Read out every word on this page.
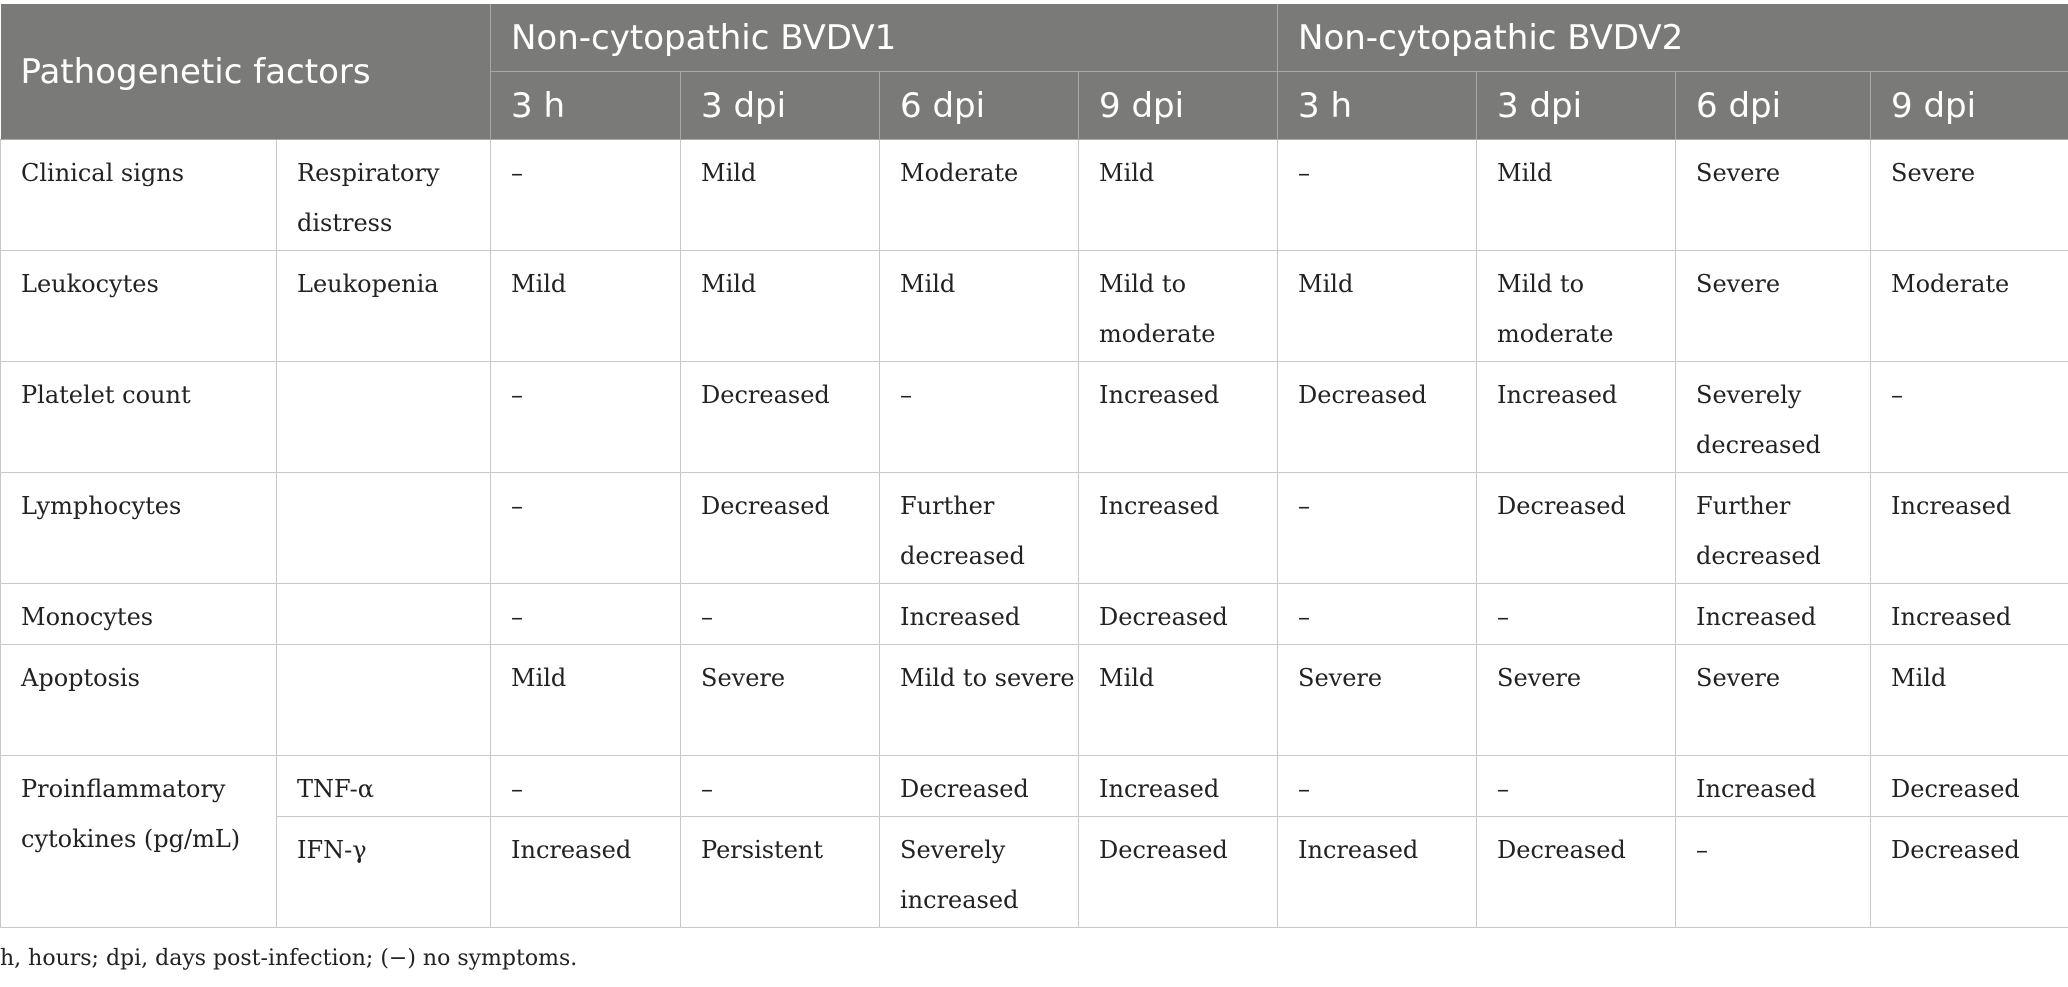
Pathogenetic factors		Non-cytopathic BVDV1				Non-cytopathic BVDV2			
		3 h	3 dpi	6 dpi	9 dpi	3 h	3 dpi	6 dpi	9 dpi
Clinical signs	Respiratory distress	–	Mild	Moderate	Mild	–	Mild	Severe	Severe
Leukocytes	Leukopenia	Mild	Mild	Mild	Mild to moderate	Mild	Mild to moderate	Severe	Moderate
Platelet count		–	Decreased	–	Increased	Decreased	Increased	Severely decreased	–
Lymphocytes		–	Decreased	Further decreased	Increased	–	Decreased	Further decreased	Increased
Monocytes		–	–	Increased	Decreased	–	–	Increased	Increased
Apoptosis		Mild	Severe	Mild to severe	Mild	Severe	Severe	Severe	Mild
Proinflammatory cytokines (pg/mL)	TNF-α	–	–	Decreased	Increased	–	–	Increased	Decreased
	IFN-γ	Increased	Persistent	Severely increased	Decreased	Increased	Decreased	–	Decreased
h, hours; dpi, days post-infection; (−) no symptoms.
